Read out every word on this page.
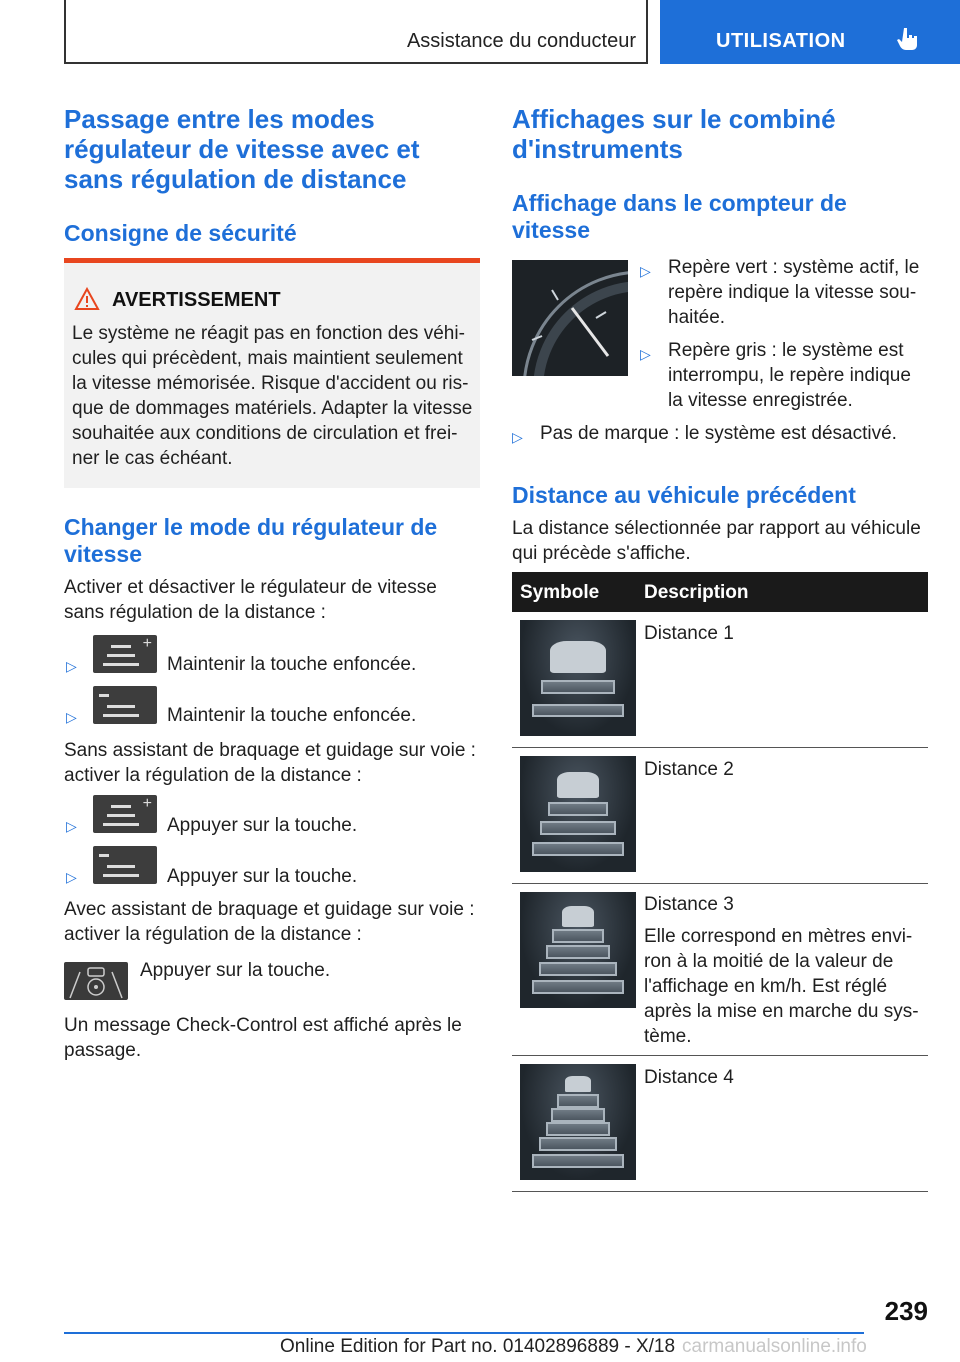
Assistance du conducteur	UTILISATION
Passage entre les modes
régulateur de vitesse avec et
sans régulation de distance
Consigne de sécurité
AVERTISSEMENT
Le système ne réagit pas en fonction des véhi-
cules qui précèdent, mais maintient seulement
la vitesse mémorisée. Risque d'accident ou ris-
que de dommages matériels. Adapter la vitesse
souhaitée aux conditions de circulation et frei-
ner le cas échéant.
Changer le mode du régulateur de
vitesse
Activer et désactiver le régulateur de vitesse
sans régulation de la distance :
▷
+
Maintenir la touche enfoncée.
▷	Maintenir la touche enfoncée.
Sans assistant de braquage et guidage sur voie :
activer la régulation de la distance :
▷
+
Appuyer sur la touche.
▷	Appuyer sur la touche.
Avec assistant de braquage et guidage sur voie :
activer la régulation de la distance :
Appuyer sur la touche.
Un message Check-Control est affiché après le
passage.
Affichages sur le combiné
d'instruments
Affichage dans le compteur de
vitesse
▷ Repère vert : système actif, le
repère indique la vitesse sou-
haitée.
▷ Repère gris : le système est
interrompu, le repère indique
la vitesse enregistrée.
▷ Pas de marque : le système est désactivé.
Distance au véhicule précédent
La distance sélectionnée par rapport au véhicule
qui précède s'affiche.
Symbole Description
Distance 1
Distance 2
Distance 3
Elle correspond en mètres envi-
ron à la moitié de la valeur de
l'affichage en km/h. Est réglé
après la mise en marche du sys-
tème.
Distance 4
239
Online Edition for Part no. 01402896889 - X/18 carmanualsonline.info
